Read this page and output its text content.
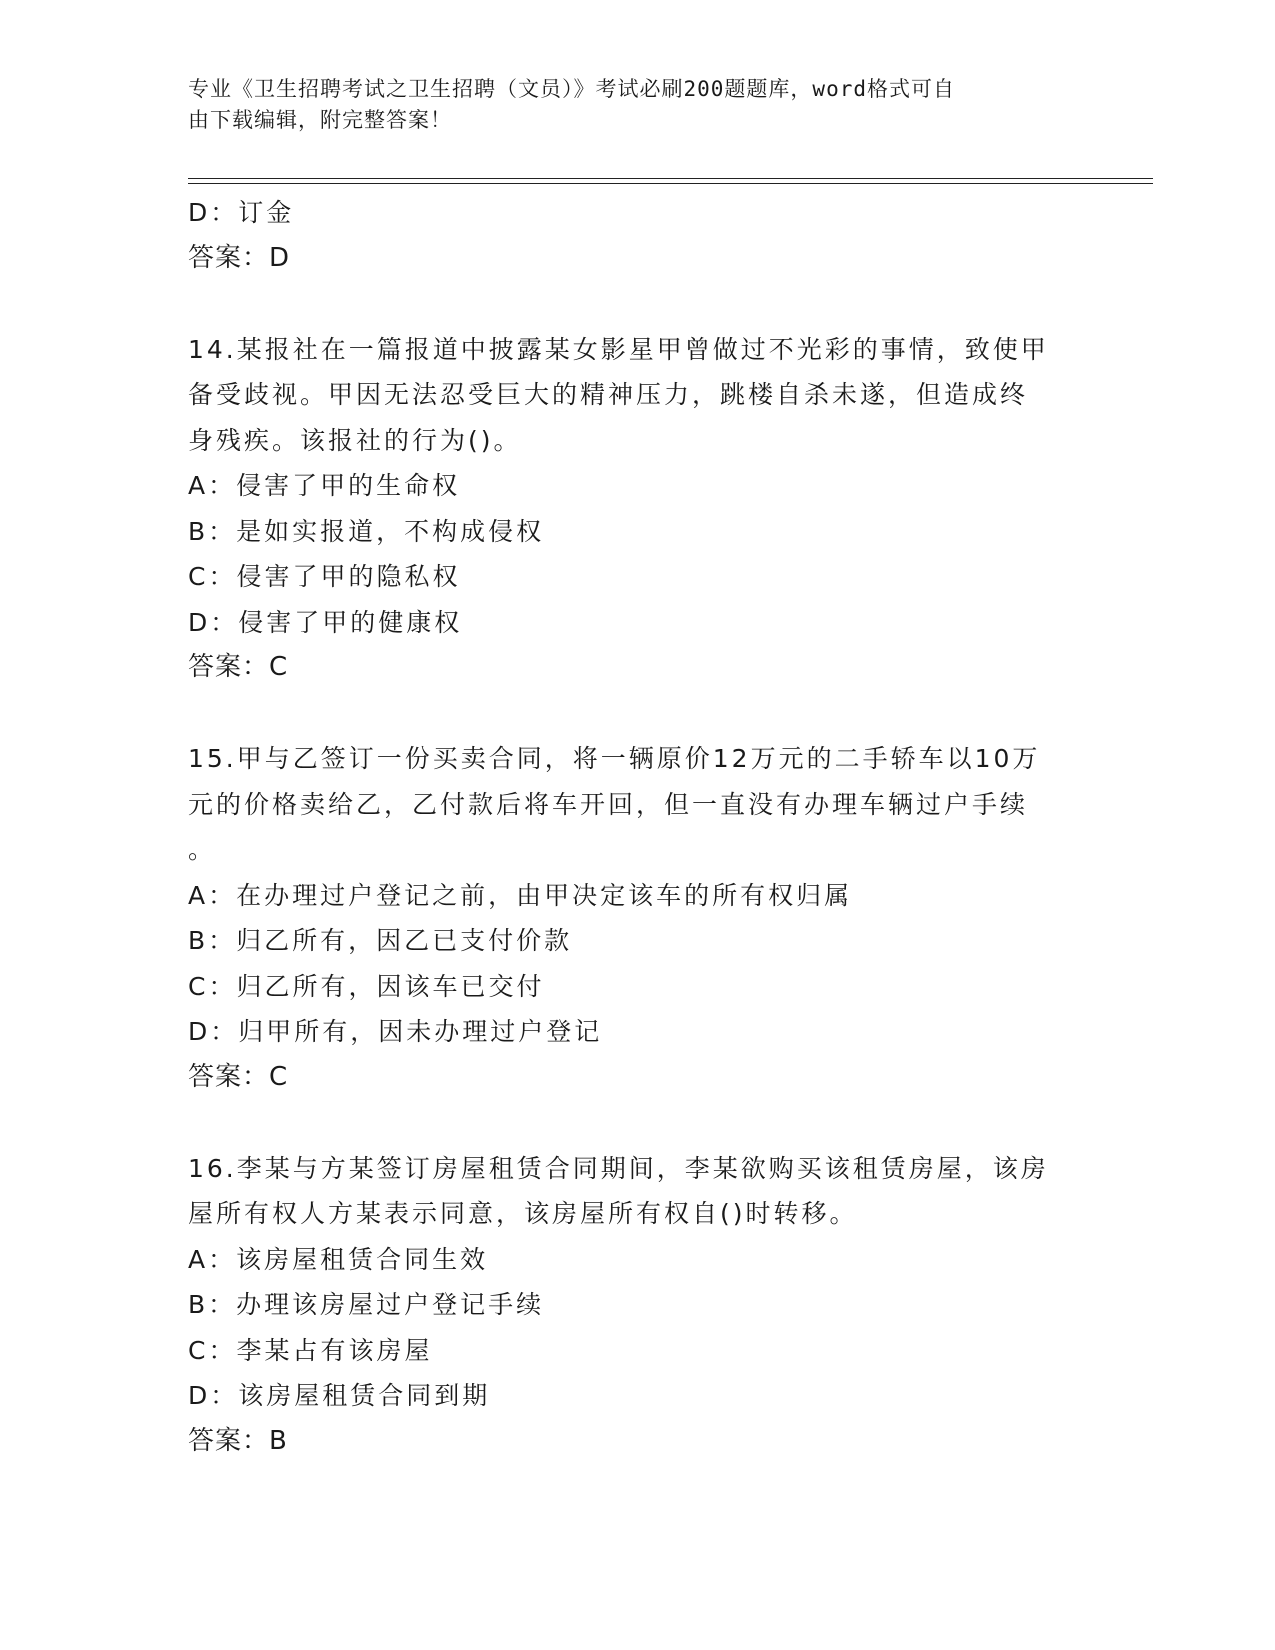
专业《卫生招聘考试之卫生招聘（文员）》考试必刷200题题库，word格式可自
由下载编辑，附完整答案！
D：订金
答案：D
14.某报社在一篇报道中披露某女影星甲曾做过不光彩的事情，致使甲
备受歧视。甲因无法忍受巨大的精神压力，跳楼自杀未遂，但造成终
身残疾。该报社的行为()。
A：侵害了甲的生命权
B：是如实报道，不构成侵权
C：侵害了甲的隐私权
D：侵害了甲的健康权
答案：C
15.甲与乙签订一份买卖合同，将一辆原价12万元的二手轿车以10万
元的价格卖给乙，乙付款后将车开回，但一直没有办理车辆过户手续
。
A：在办理过户登记之前，由甲决定该车的所有权归属
B：归乙所有，因乙已支付价款
C：归乙所有，因该车已交付
D：归甲所有，因未办理过户登记
答案：C
16.李某与方某签订房屋租赁合同期间，李某欲购买该租赁房屋，该房
屋所有权人方某表示同意，该房屋所有权自()时转移。
A：该房屋租赁合同生效
B：办理该房屋过户登记手续
C：李某占有该房屋
D：该房屋租赁合同到期
答案：B
